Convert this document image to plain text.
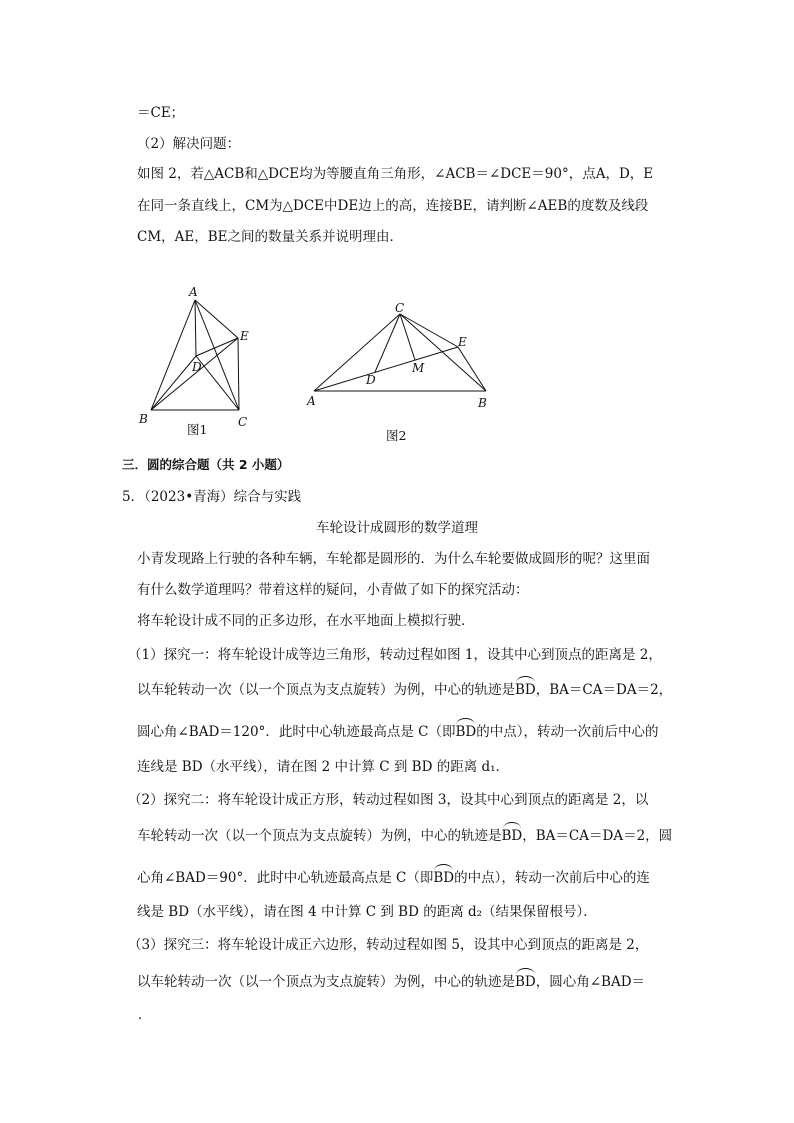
＝CE；
（2）解决问题：
如图 2，若△ACB和△DCE均为等腰直角三角形，∠ACB＝∠DCE＝90°，点A，D，E
在同一条直线上，CM为△DCE中DE边上的高，连接BE，请判断∠AEB的度数及线段
CM，AE，BE之间的数量关系并说明理由．
A
E
D
B	C
图1
C
E
M
D
A	B
图2
三．圆的综合题（共 2 小题）
5．（2023•青海）综合与实践
车轮设计成圆形的数学道理
小青发现路上行驶的各种车辆，车轮都是圆形的．为什么车轮要做成圆形的呢？这里面
有什么数学道理吗？带着这样的疑问，小青做了如下的探究活动：
将车轮设计成不同的正多边形，在水平地面上模拟行驶．
（1）探究一：将车轮设计成等边三角形，转动过程如图 1，设其中心到顶点的距离是 2，
以车轮转动一次（以一个顶点为支点旋转）为例，中心的轨迹是BD，BA＝CA＝DA＝2，
圆心角∠BAD＝120°．此时中心轨迹最高点是 C（即BD的中点），转动一次前后中心的
连线是 BD（水平线），请在图 2 中计算 C 到 BD 的距离 d₁．
（2）探究二：将车轮设计成正方形，转动过程如图 3，设其中心到顶点的距离是 2，以
车轮转动一次（以一个顶点为支点旋转）为例，中心的轨迹是BD，BA＝CA＝DA＝2，圆
心角∠BAD＝90°．此时中心轨迹最高点是 C（即BD的中点），转动一次前后中心的连
线是 BD（水平线），请在图 4 中计算 C 到 BD 的距离 d₂（结果保留根号）．
（3）探究三：将车轮设计成正六边形，转动过程如图 5，设其中心到顶点的距离是 2，
以车轮转动一次（以一个顶点为支点旋转）为例，中心的轨迹是BD，圆心角∠BAD＝
．
